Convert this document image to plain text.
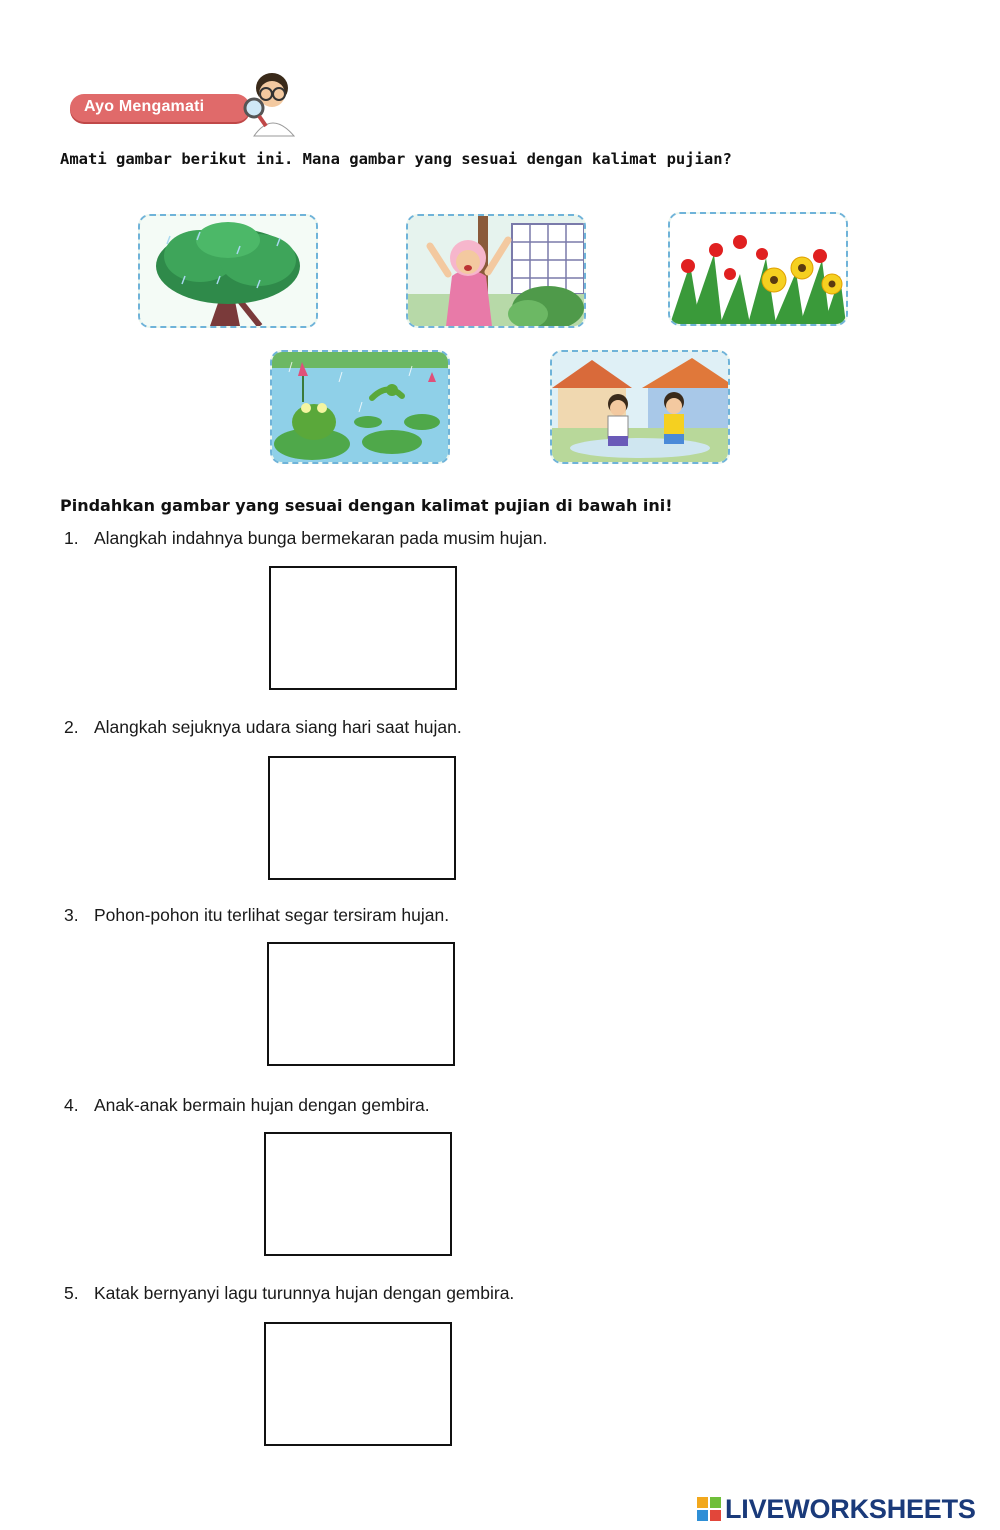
Ayo Mengamati
Amati gambar berikut ini. Mana gambar yang sesuai dengan kalimat pujian?
Pindahkan gambar yang sesuai dengan kalimat pujian di bawah ini!
1. Alangkah indahnya bunga bermekaran pada musim hujan.
2. Alangkah sejuknya udara siang hari saat hujan.
3. Pohon-pohon itu terlihat segar tersiram hujan.
4. Anak-anak bermain hujan dengan gembira.
5. Katak bernyanyi lagu turunnya hujan dengan gembira.
LIVEWORKSHEETS
